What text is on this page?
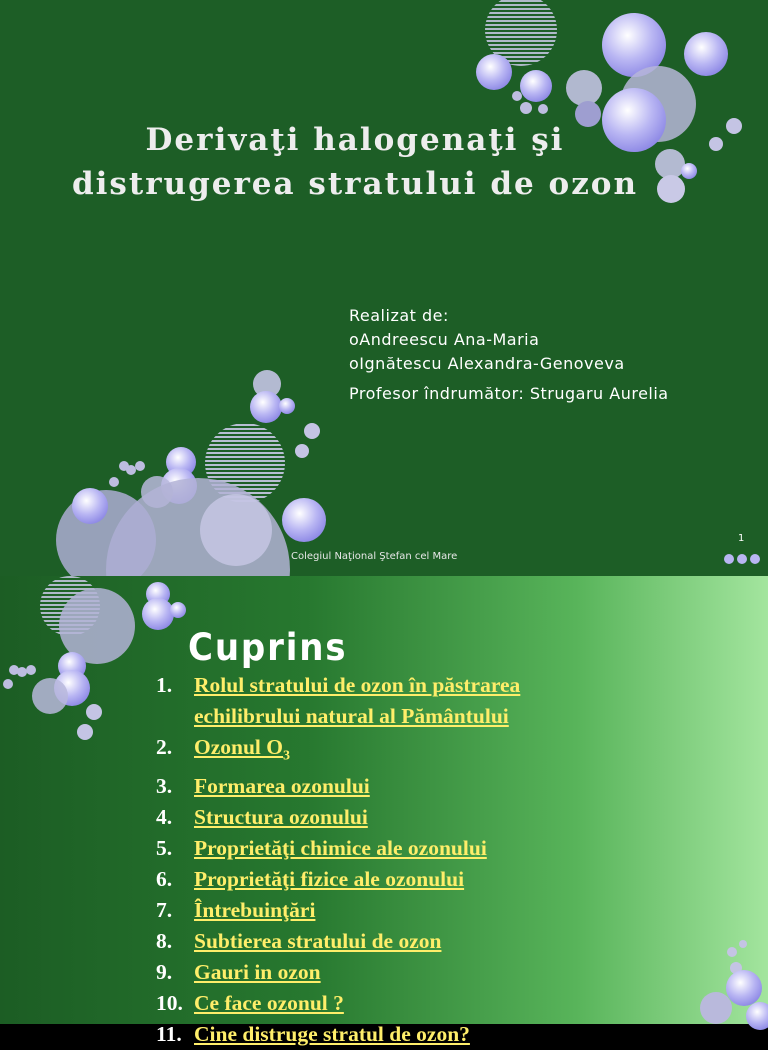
Derivaţi halogenaţi şi
distrugerea stratului de ozon
Realizat de:
oAndreescu Ana-Maria
oIgnătescu Alexandra-Genoveva
Profesor îndrumător: Strugaru Aurelia
Colegiul Naţional Ştefan cel Mare
1
Cuprins
1.	Rolul stratului de ozon în păstrarea
echilibrului natural al Pământului
2.	Ozonul $O_3$
3.	Formarea ozonului
4.	Structura ozonului
5.	Proprietăţi chimice ale ozonului
6.	Proprietăţi fizice ale ozonului
7.	Întrebuinţări
8.	Subtierea stratului de ozon
9.	Gauri in ozon
10. Ce face ozonul ?
11. Cine distruge stratul de ozon?
